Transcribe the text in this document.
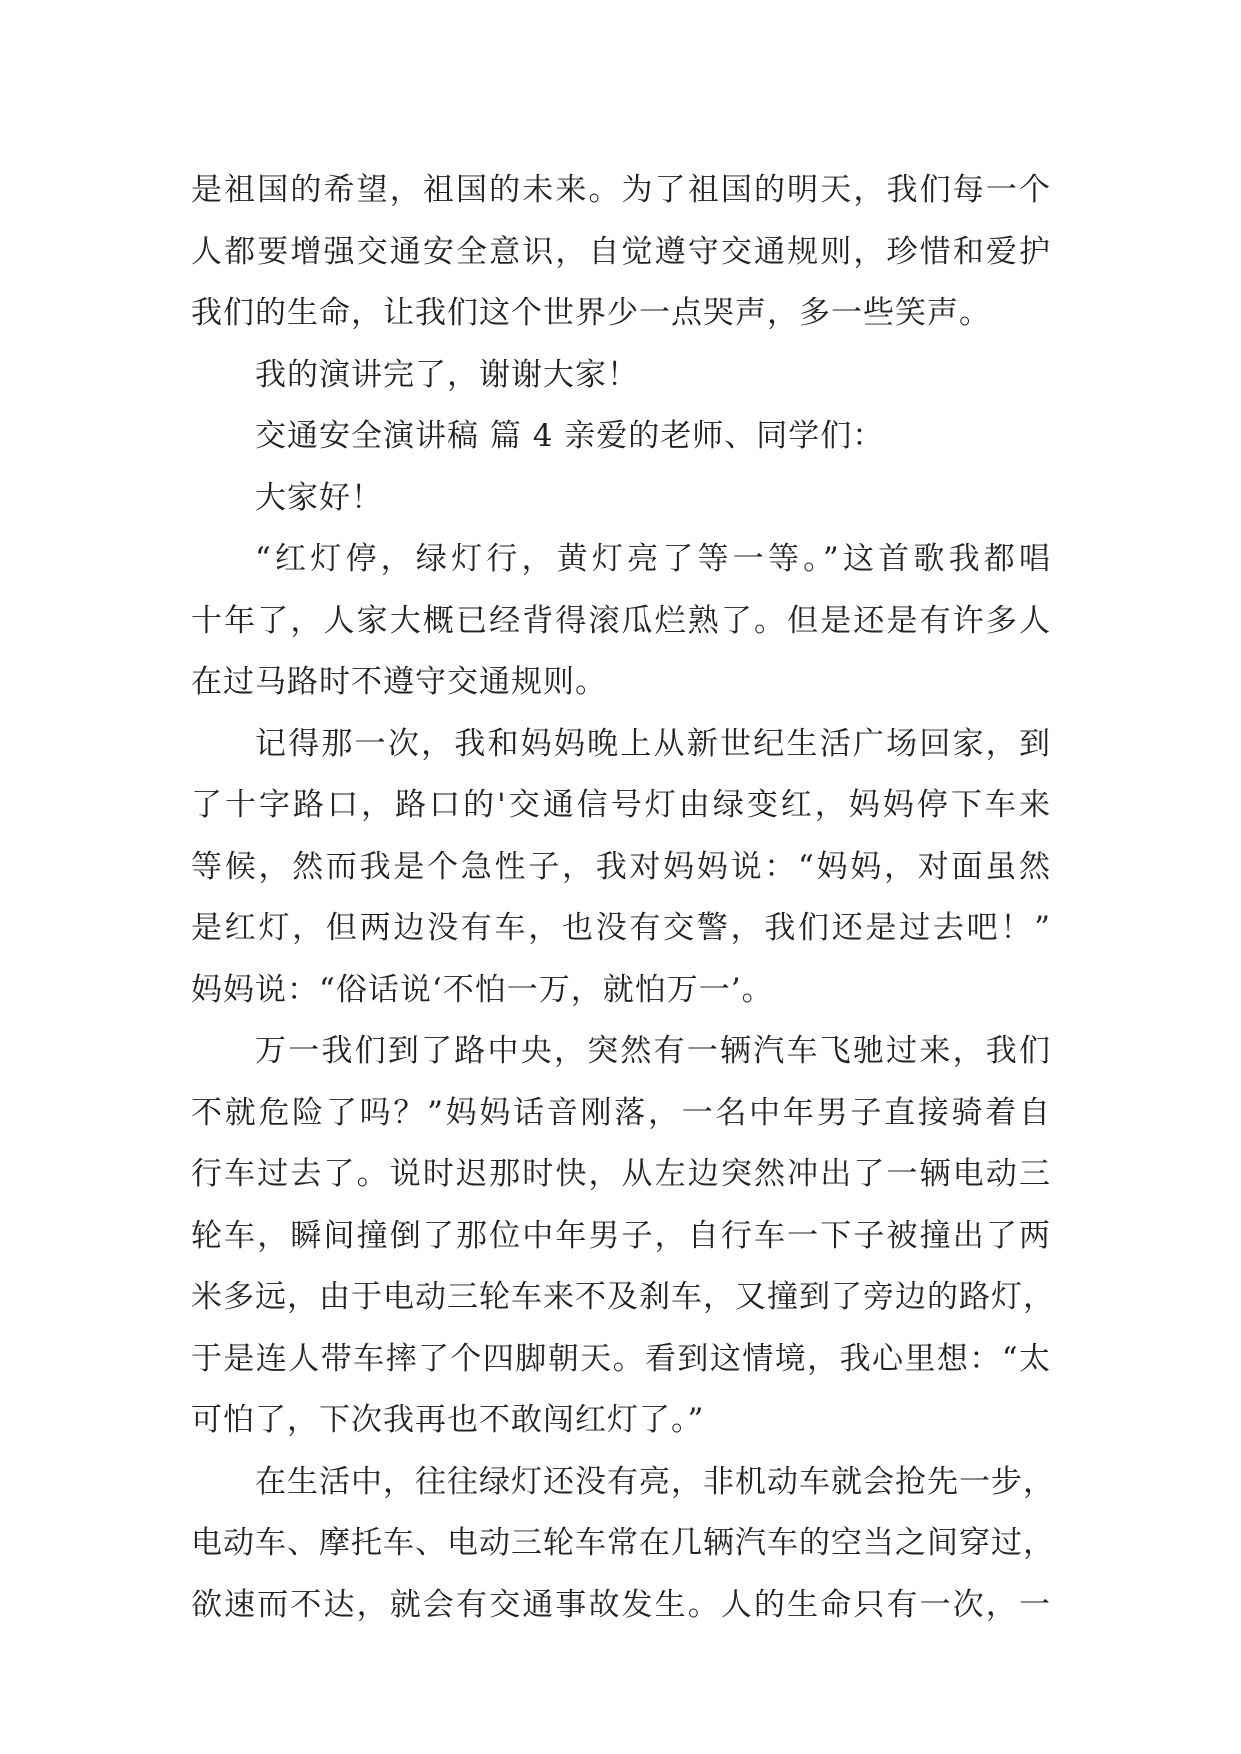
是祖国的希望，祖国的未来。为了祖国的明天，我们每一个
人都要增强交通安全意识，自觉遵守交通规则，珍惜和爱护
我们的生命，让我们这个世界少一点哭声，多一些笑声。
我的演讲完了，谢谢大家！
交通安全演讲稿 篇 4 亲爱的老师、同学们：
大家好！
“红灯停，绿灯行，黄灯亮了等一等。”这首歌我都唱
十年了，人家大概已经背得滚瓜烂熟了。但是还是有许多人
在过马路时不遵守交通规则。
记得那一次，我和妈妈晚上从新世纪生活广场回家，到
了十字路口，路口的'交通信号灯由绿变红，妈妈停下车来
等候，然而我是个急性子，我对妈妈说：“妈妈，对面虽然
是红灯，但两边没有车，也没有交警，我们还是过去吧！”
妈妈说：“俗话说‘不怕一万，就怕万一’。
万一我们到了路中央，突然有一辆汽车飞驰过来，我们
不就危险了吗？”妈妈话音刚落，一名中年男子直接骑着自
行车过去了。说时迟那时快，从左边突然冲出了一辆电动三
轮车，瞬间撞倒了那位中年男子，自行车一下子被撞出了两
米多远，由于电动三轮车来不及刹车，又撞到了旁边的路灯，
于是连人带车摔了个四脚朝天。看到这情境，我心里想：“太
可怕了，下次我再也不敢闯红灯了。”
在生活中，往往绿灯还没有亮，非机动车就会抢先一步，
电动车、摩托车、电动三轮车常在几辆汽车的空当之间穿过，
欲速而不达，就会有交通事故发生。人的生命只有一次，一
